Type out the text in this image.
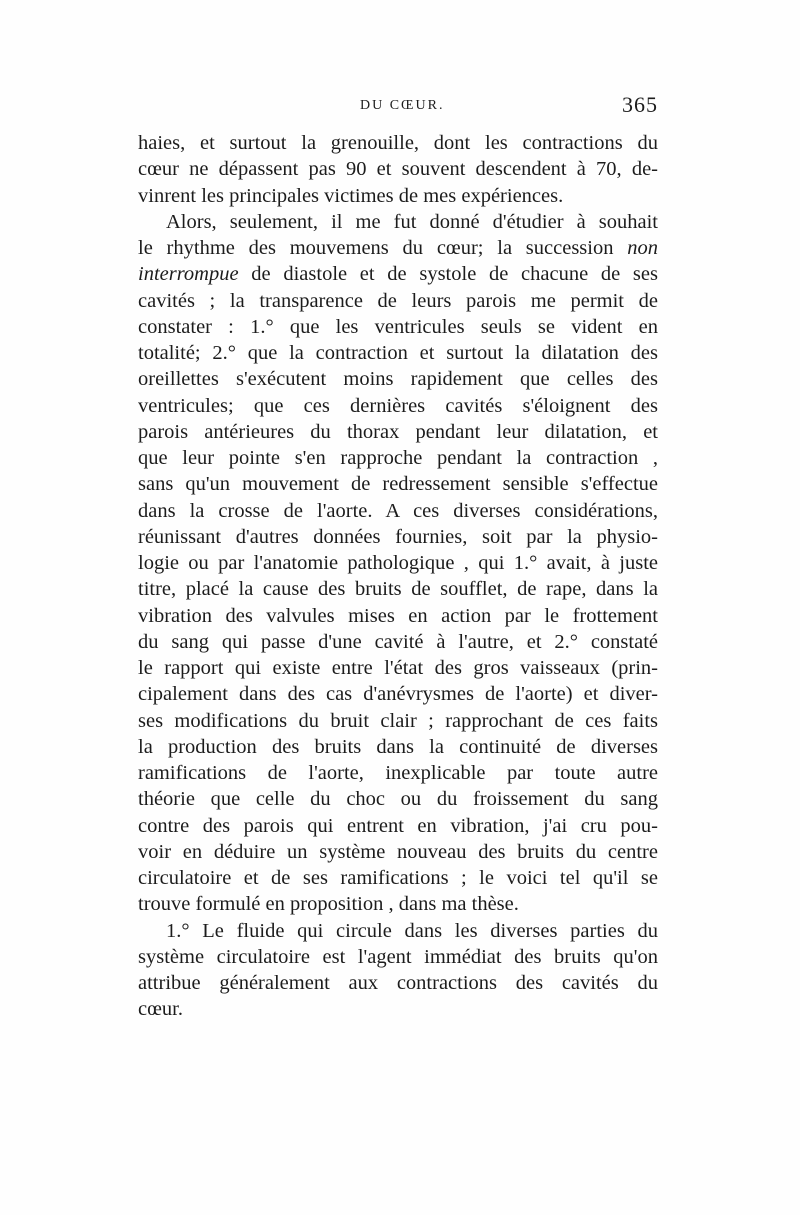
DU CŒUR.	365
haies, et surtout la grenouille, dont les contractions du
cœur ne dépassent pas 90 et souvent descendent à 70, de-
vinrent les principales victimes de mes expériences.
Alors, seulement, il me fut donné d'étudier à souhait
le rhythme des mouvemens du cœur; la succession non
interrompue de diastole et de systole de chacune de ses
cavités ; la transparence de leurs parois me permit de
constater : 1.° que les ventricules seuls se vident en
totalité; 2.° que la contraction et surtout la dilatation des
oreillettes s'exécutent moins rapidement que celles des
ventricules; que ces dernières cavités s'éloignent des
parois antérieures du thorax pendant leur dilatation, et
que leur pointe s'en rapproche pendant la contraction ,
sans qu'un mouvement de redressement sensible s'effectue
dans la crosse de l'aorte. A ces diverses considérations,
réunissant d'autres données fournies, soit par la physio-
logie ou par l'anatomie pathologique , qui 1.° avait, à juste
titre, placé la cause des bruits de soufflet, de rape, dans la
vibration des valvules mises en action par le frottement
du sang qui passe d'une cavité à l'autre, et 2.° constaté
le rapport qui existe entre l'état des gros vaisseaux (prin-
cipalement dans des cas d'anévrysmes de l'aorte) et diver-
ses modifications du bruit clair ; rapprochant de ces faits
la production des bruits dans la continuité de diverses
ramifications de l'aorte, inexplicable par toute autre
théorie que celle du choc ou du froissement du sang
contre des parois qui entrent en vibration, j'ai cru pou-
voir en déduire un système nouveau des bruits du centre
circulatoire et de ses ramifications ; le voici tel qu'il se
trouve formulé en proposition , dans ma thèse.
1.° Le fluide qui circule dans les diverses parties du
système circulatoire est l'agent immédiat des bruits qu'on
attribue généralement aux contractions des cavités du
cœur.
